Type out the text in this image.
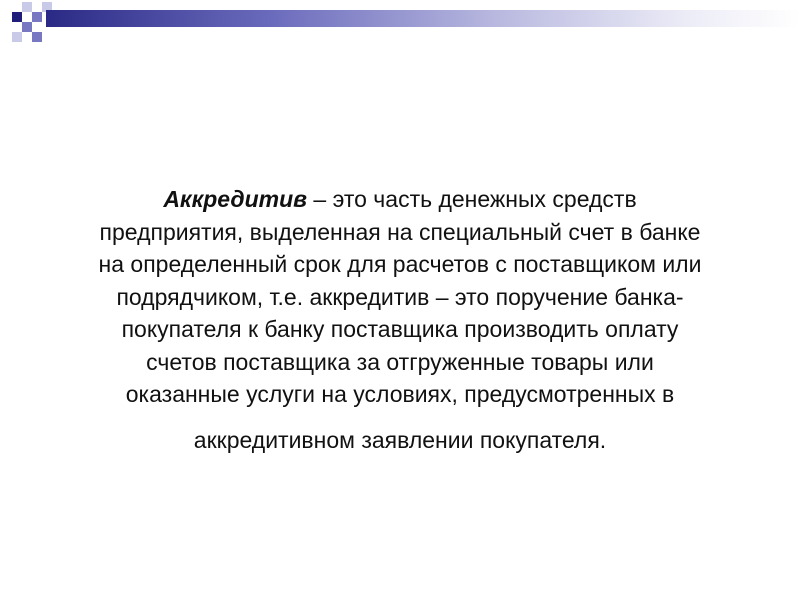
Аккредитив – это часть денежных средств
предприятия, выделенная на специальный счет в банке
на определенный срок для расчетов с поставщиком или
подрядчиком, т.е. аккредитив – это поручение банка-
покупателя к банку поставщика производить оплату
счетов поставщика за отгруженные товары или
оказанные услуги на условиях, предусмотренных в
аккредитивном заявлении покупателя.
